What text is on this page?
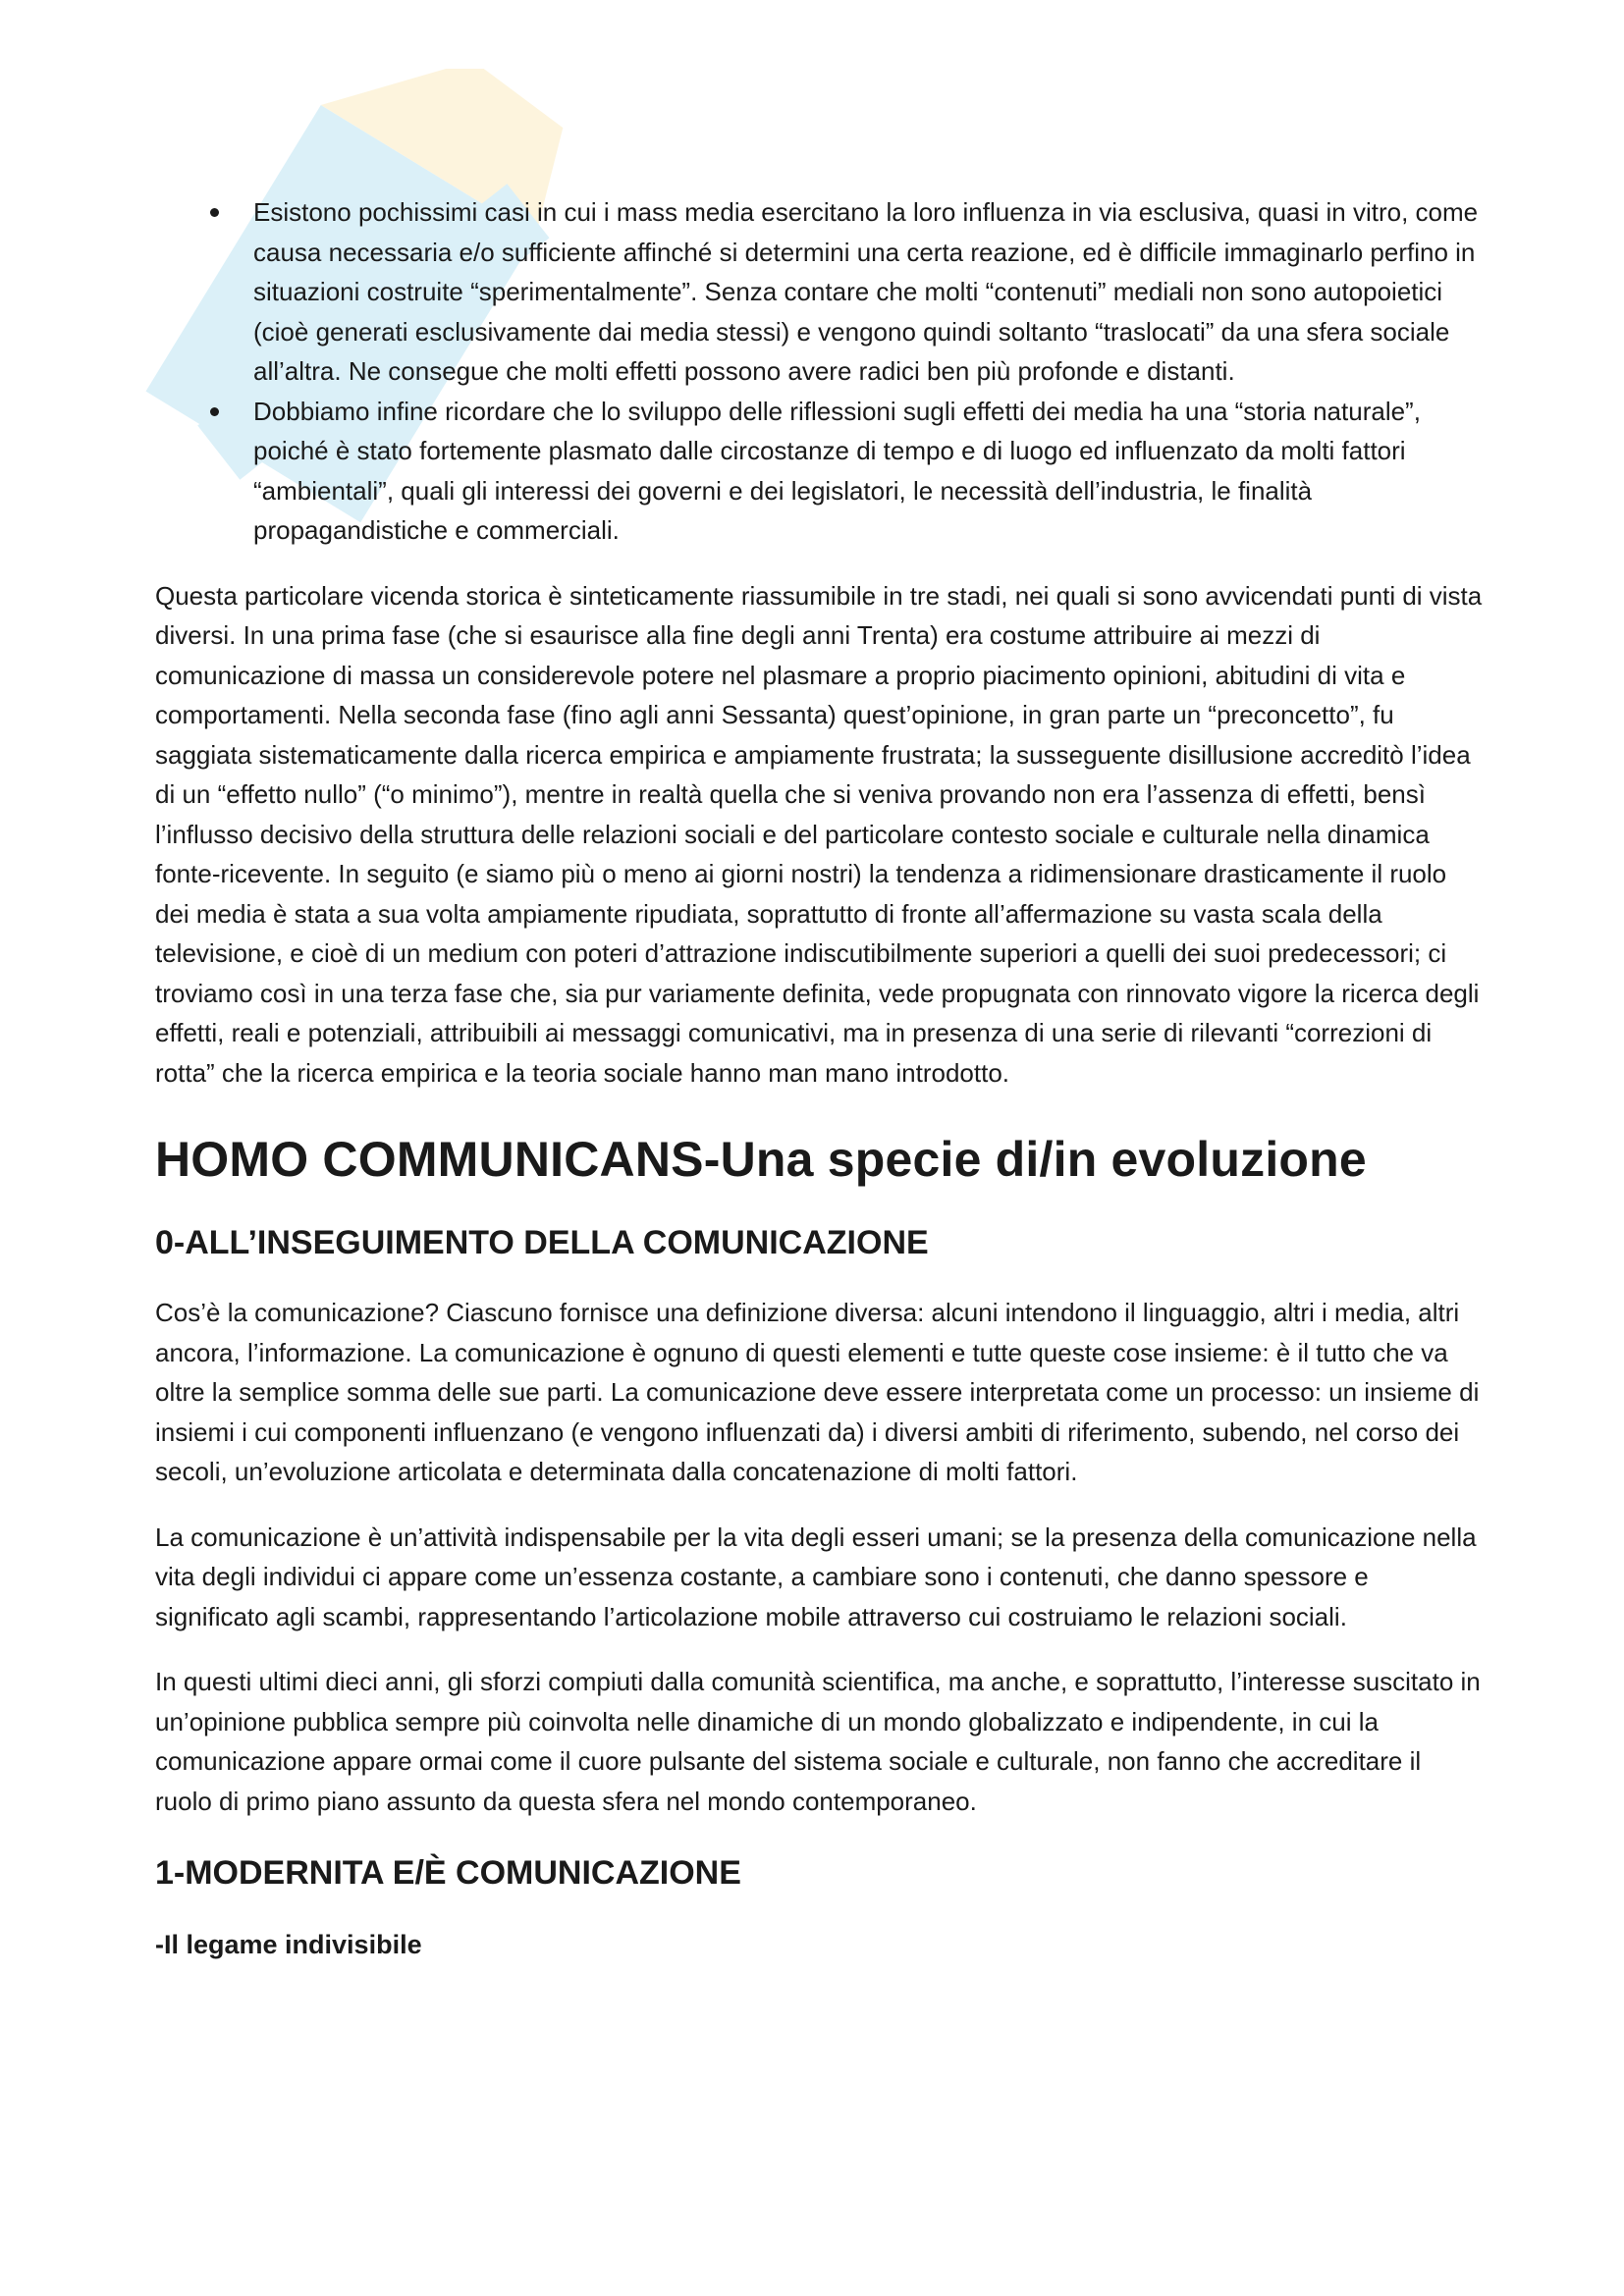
Esistono pochissimi casi in cui i mass media esercitano la loro influenza in via esclusiva, quasi in vitro, come causa necessaria e/o sufficiente affinché si determini una certa reazione, ed è difficile immaginarlo perfino in situazioni costruite “sperimentalmente”. Senza contare che molti “contenuti” mediali non sono autopoietici (cioè generati esclusivamente dai media stessi) e vengono quindi soltanto “traslocati” da una sfera sociale all’altra. Ne consegue che molti effetti possono avere radici ben più profonde e distanti.
Dobbiamo infine ricordare che lo sviluppo delle riflessioni sugli effetti dei media ha una “storia naturale”, poiché è stato fortemente plasmato dalle circostanze di tempo e di luogo ed influenzato da molti fattori “ambientali”, quali gli interessi dei governi e dei legislatori, le necessità dell’industria, le finalità propagandistiche e commerciali.

Questa particolare vicenda storica è sinteticamente riassumibile in tre stadi, nei quali si sono avvicendati punti di vista diversi. In una prima fase (che si esaurisce alla fine degli anni Trenta) era costume attribuire ai mezzi di comunicazione di massa un considerevole potere nel plasmare a proprio piacimento opinioni, abitudini di vita e comportamenti. Nella seconda fase (fino agli anni Sessanta) quest’opinione, in gran parte un “preconcetto”, fu saggiata sistematicamente dalla ricerca empirica e ampiamente frustrata; la susseguente disillusione accreditò l’idea di un “effetto nullo” (“o minimo”), mentre in realtà quella che si veniva provando non era l’assenza di effetti, bensì l’influsso decisivo della struttura delle relazioni sociali e del particolare contesto sociale e culturale nella dinamica fonte-ricevente. In seguito (e siamo più o meno ai giorni nostri) la tendenza a ridimensionare drasticamente il ruolo dei media è stata a sua volta ampiamente ripudiata, soprattutto di fronte all’affermazione su vasta scala della televisione, e cioè di un medium con poteri d’attrazione indiscutibilmente superiori a quelli dei suoi predecessori; ci troviamo così in una terza fase che, sia pur variamente definita, vede propugnata con rinnovato vigore la ricerca degli effetti, reali e potenziali, attribuibili ai messaggi comunicativi, ma in presenza di una serie di rilevanti “correzioni di rotta” che la ricerca empirica e la teoria sociale hanno man mano introdotto.

HOMO COMMUNICANS-Una specie di/in evoluzione
0-ALL’INSEGUIMENTO DELLA COMUNICAZIONE

Cos’è la comunicazione? Ciascuno fornisce una definizione diversa: alcuni intendono il linguaggio, altri i media, altri ancora, l’informazione. La comunicazione è ognuno di questi elementi e tutte queste cose insieme: è il tutto che va oltre la semplice somma delle sue parti. La comunicazione deve essere interpretata come un processo: un insieme di insiemi i cui componenti influenzano (e vengono influenzati da) i diversi ambiti di riferimento, subendo, nel corso dei secoli, un’evoluzione articolata e determinata dalla concatenazione di molti fattori.

La comunicazione è un’attività indispensabile per la vita degli esseri umani; se la presenza della comunicazione nella vita degli individui ci appare come un’essenza costante, a cambiare sono i contenuti, che danno spessore e significato agli scambi, rappresentando l’articolazione mobile attraverso cui costruiamo le relazioni sociali.

In questi ultimi dieci anni, gli sforzi compiuti dalla comunità scientifica, ma anche, e soprattutto, l’interesse suscitato in un’opinione pubblica sempre più coinvolta nelle dinamiche di un mondo globalizzato e indipendente, in cui la comunicazione appare ormai come il cuore pulsante del sistema sociale e culturale, non fanno che accreditare il ruolo di primo piano assunto da questa sfera nel mondo contemporaneo.

1-MODERNITA E/È COMUNICAZIONE

-Il legame indivisibile
